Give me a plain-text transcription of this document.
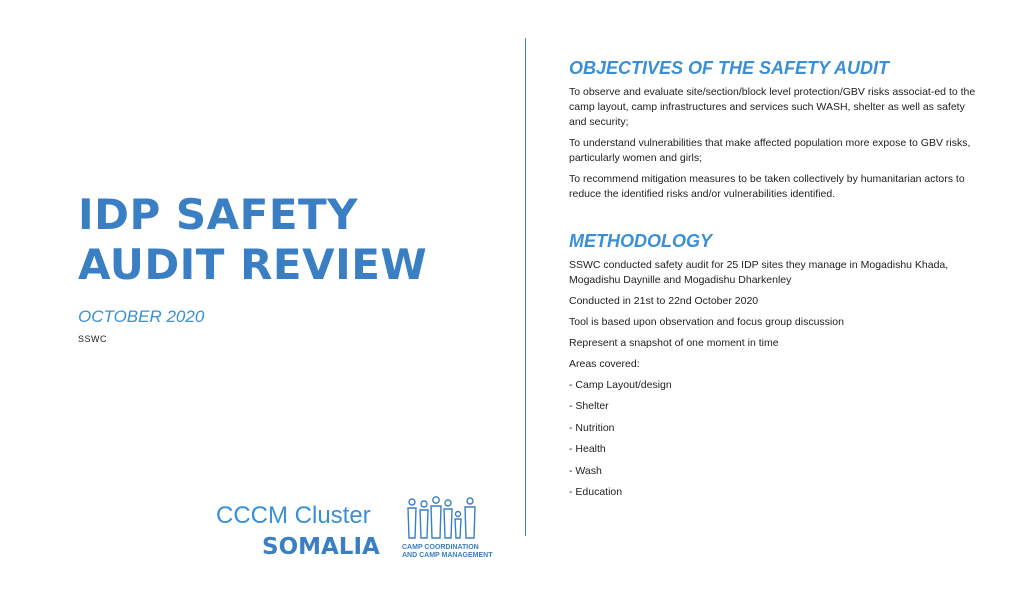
IDP SAFETY
AUDIT REVIEW

OCTOBER 2020

SSWC
OBJECTIVES OF THE SAFETY AUDIT

To observe and evaluate site/section/block level protection/GBV risks associat-ed to the camp layout, camp infrastructures and services such WASH, shelter as well as safety and security;

To understand vulnerabilities that make affected population more expose to GBV risks, particularly women and girls;

To recommend mitigation measures to be taken collectively by humanitarian actors to reduce the identified risks and/or vulnerabilities identified.

METHODOLOGY

SSWC conducted safety audit for 25 IDP sites they manage in Mogadishu Khada, Mogadishu Daynille and Mogadishu Dharkenley

Conducted in 21st to 22nd October 2020

Tool is based upon observation and focus group discussion

Represent a snapshot of one moment in time

Areas covered:

- Camp Layout/design
- Shelter
- Nutrition
- Health
- Wash
- Education
CCCM Cluster
SOMALIA	CAMP COORDINATION
AND CAMP MANAGEMENT
